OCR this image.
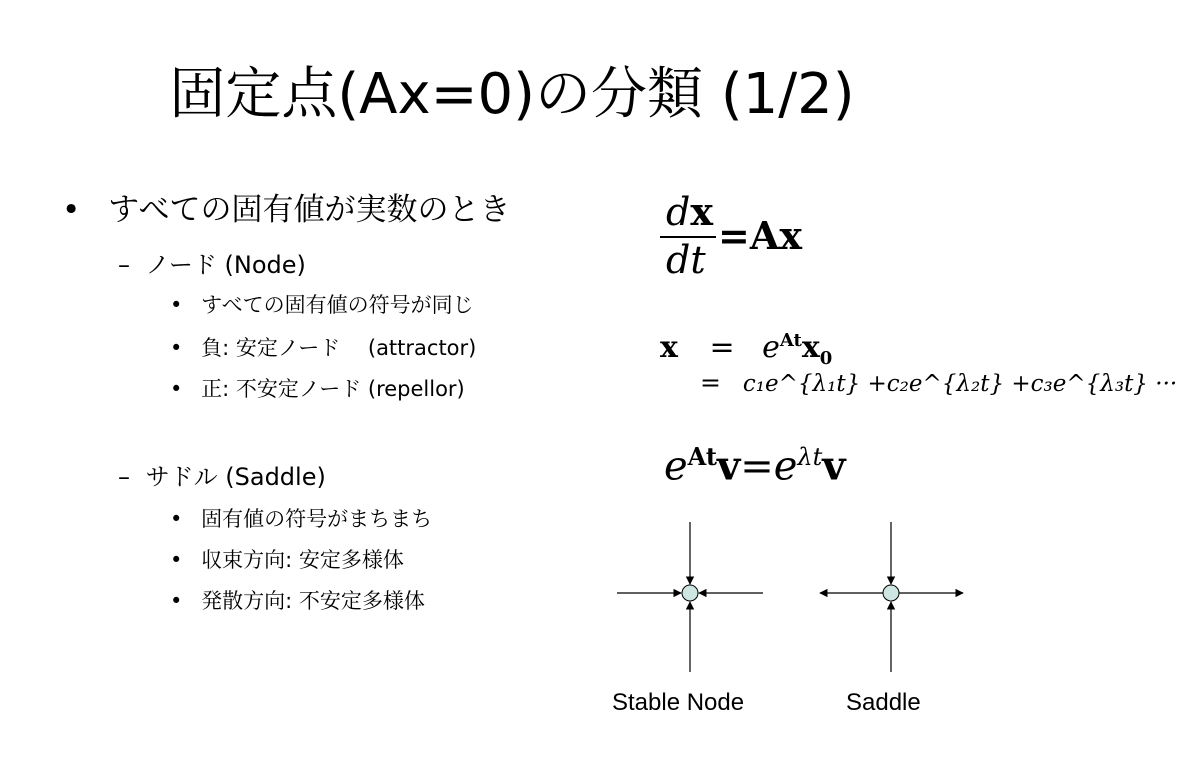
固定点(Ax=0)の分類 (1/2)
• すべての固有値が実数のとき
– ノード (Node)
• すべての固有値の符号が同じ
• 負: 安定ノード　 (attractor)
• 正: 不安定ノード (repellor)
– サドル (Saddle)
• 固有値の符号がまちまち
• 収束方向: 安定多様体
• 発散方向: 不安定多様体
dx
dt
=Ax
$x = e^{At}x_0$
= c₁e^{λ₁t} +c₂e^{λ₂t} +c₃e^{λ₃t} ···
$e^{At}v=e^{\lambda t}v$
Stable Node	Saddle
